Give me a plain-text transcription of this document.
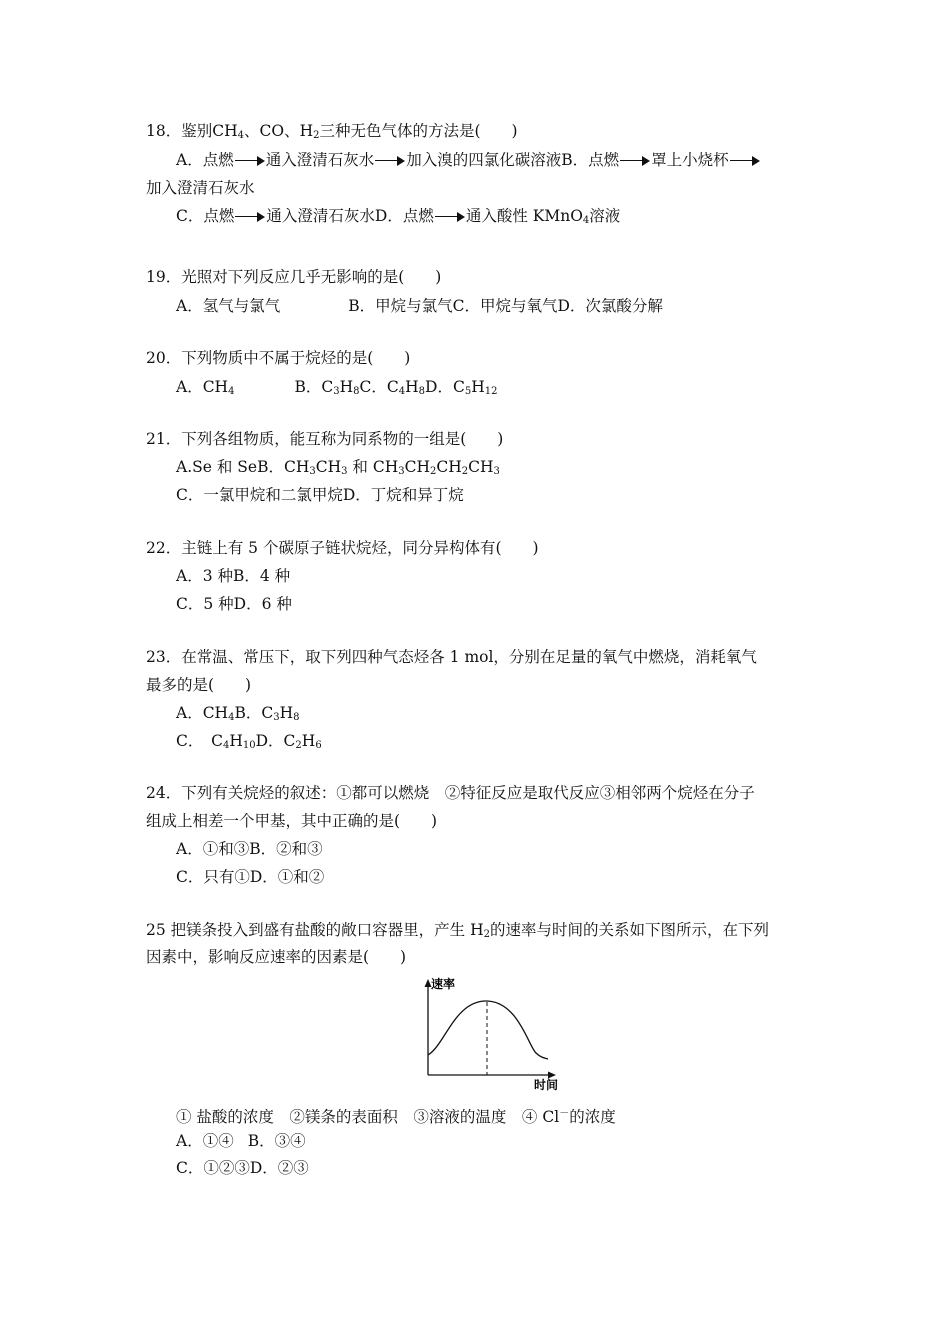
18．鉴别$CH_4$、CO、$H_2$三种无色气体的方法是(　　)
A．点燃 通入澄清石灰水 加入溴的四氯化碳溶液B．点燃 罩上小烧杯
加入澄清石灰水
C．点燃 通入澄清石灰水D．点燃 通入酸性 KMnO$_4$溶液
19．光照对下列反应几乎无影响的是(　　)
A．氢气与氯气	B．甲烷与氯气C．甲烷与氧气D．次氯酸分解
20．下列物质中不属于烷烃的是(　　)
A．$CH_4$	B．$C_3H_8C$．$C_4H_8D$．$C_5H_{12}$
21．下列各组物质，能互称为同系物的一组是(　　)
A.Se 和 SeB．$CH_3CH_3$ 和 $CH_3CH_2CH_2CH_3$
C．一氯甲烷和二氯甲烷D．丁烷和异丁烷
22．主链上有 5 个碳原子链状烷烃，同分异构体有(　　)
A．3 种B．4 种
C．5 种D．6 种
23．在常温、常压下，取下列四种气态烃各 1 mol，分别在足量的氧气中燃烧，消耗氧气
最多的是(　　)
A．$CH_4B$．$C_3H_8$
C．　$C_4H_{10}D$．$C_2H_6$
24．下列有关烷烃的叙述：①都可以燃烧　②特征反应是取代反应③相邻两个烷烃在分子
组成上相差一个甲基，其中正确的是(　　)
A．①和③B．②和③
C．只有①D．①和②
25 把镁条投入到盛有盐酸的敞口容器里，产生 $H_2$的速率与时间的关系如下图所示，在下列
因素中，影响反应速率的因素是(　　)
速率
时间
① 盐酸的浓度　②镁条的表面积　③溶液的温度　④ Cl－的浓度
A．①④ B．③④
C．①②③D．②③
